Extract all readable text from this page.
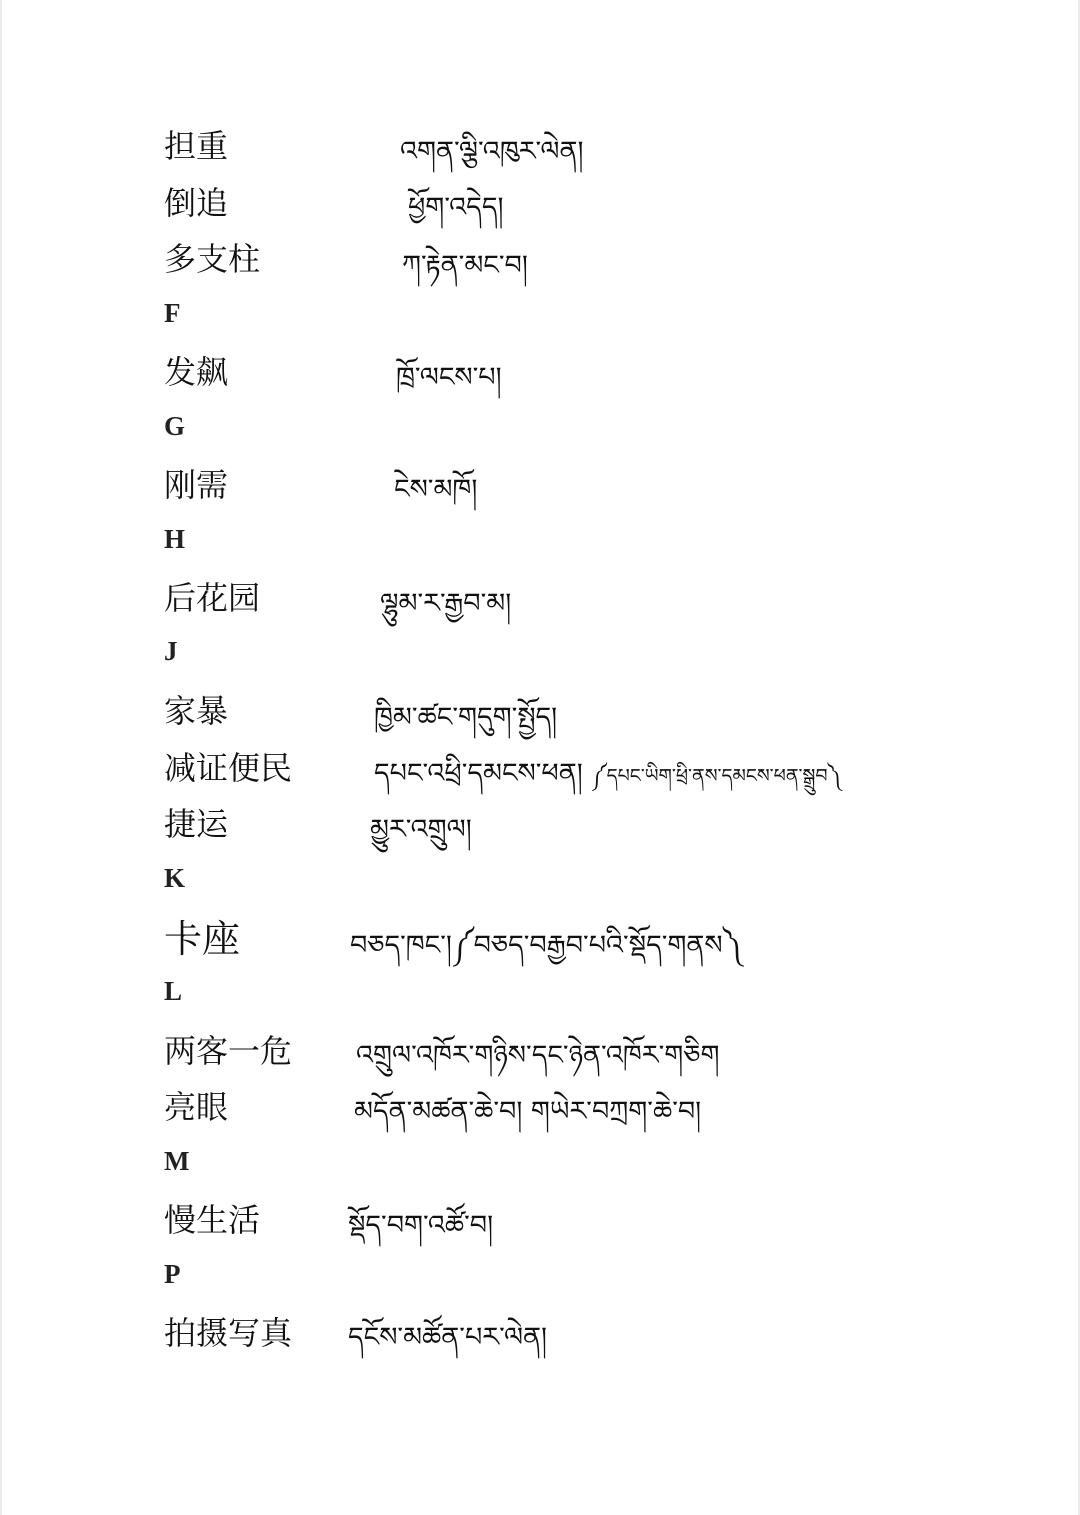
担重	འགན་ལྕི་འཁུར་ལེན།
倒追	ཕྱོག་འདེད།
多支柱	ཀ་རྟེན་མང་བ།
F
发飙	ཁྲོ་ལངས་པ།
G
刚需	ངེས་མཁོ།
H
后花园	ལྷུམ་ར་རྒྱབ་མ།
J
家暴	ཁྱིམ་ཚང་གདུག་སྤྱོད།
减证便民	དཔང་འཕྲི་དམངས་ཕན། ༼དཔང་ཡིག་ཕྲི་ནས་དམངས་ཕན་སྒྲུབ༽
捷运	མྱུར་འགྲུལ།
K
卡座	བཅད་ཁང་།༼བཅད་བརྒྱབ་པའི་སྡོད་གནས༽
L
两客一危 འགྲུལ་འཁོར་གཉིས་དང་ཉེན་འཁོར་གཅིག
亮眼	མདོན་མཚན་ཆེ་བ། གཡེར་བཀྲག་ཆེ་བ།
M
慢生活	སྡོད་བག་འཚོ་བ།
P
拍摄写真 དངོས་མཚོན་པར་ལེན།
